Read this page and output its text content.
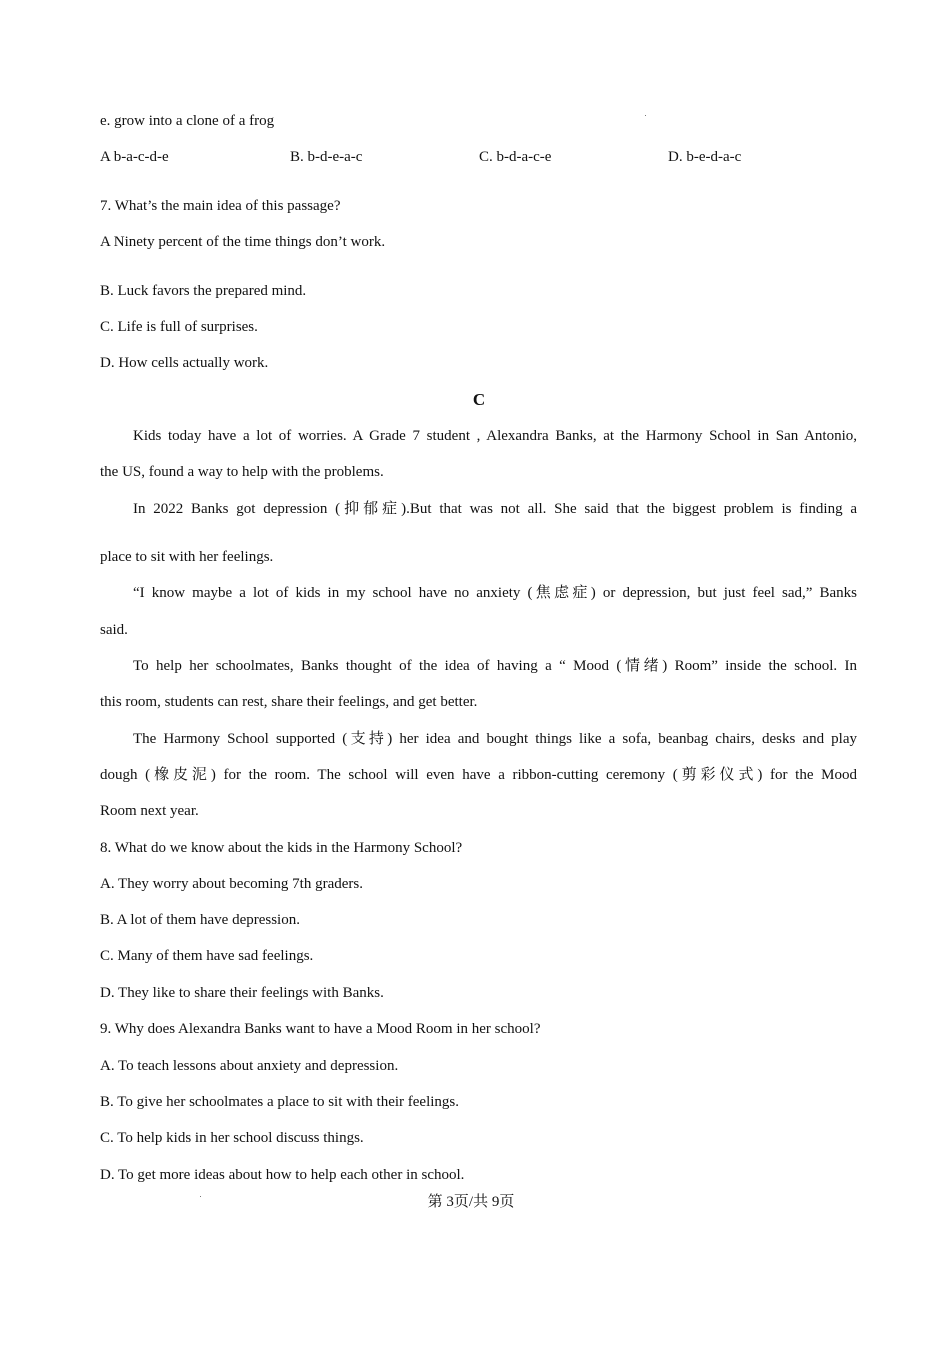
e. grow into a clone of a frog
A b-a-c-d-e	B. b-d-e-a-c	C. b-d-a-c-e	D. b-e-d-a-c
7. What’s the main idea of this passage?
A Ninety percent of the time things don’t work.
B. Luck favors the prepared mind.
C. Life is full of surprises.
D. How cells actually work.
C
Kids today have a lot of worries. A Grade 7 student , Alexandra Banks, at the Harmony School in San Antonio,
the US, found a way to help with the problems.
In 2022 Banks got depression (抑郁症).But that was not all. She said that the biggest problem is finding a
place to sit with her feelings.
“I know maybe a lot of kids in my school have no anxiety (焦虑症) or depression, but just feel sad,” Banks
said.
To help her schoolmates, Banks thought of the idea of having a “ Mood (情绪) Room” inside the school. In
this room, students can rest, share their feelings, and get better.
The Harmony School supported (支持) her idea and bought things like a sofa, beanbag chairs, desks and play
dough (橡皮泥) for the room. The school will even have a ribbon-cutting ceremony (剪彩仪式) for the Mood
Room next year.
8. What do we know about the kids in the Harmony School?
A. They worry about becoming 7th graders.
B. A lot of them have depression.
C. Many of them have sad feelings.
D. They like to share their feelings with Banks.
9. Why does Alexandra Banks want to have a Mood Room in her school?
A. To teach lessons about anxiety and depression.
B. To give her schoolmates a place to sit with their feelings.
C. To help kids in her school discuss things.
D. To get more ideas about how to help each other in school.
第 3页/共 9页
